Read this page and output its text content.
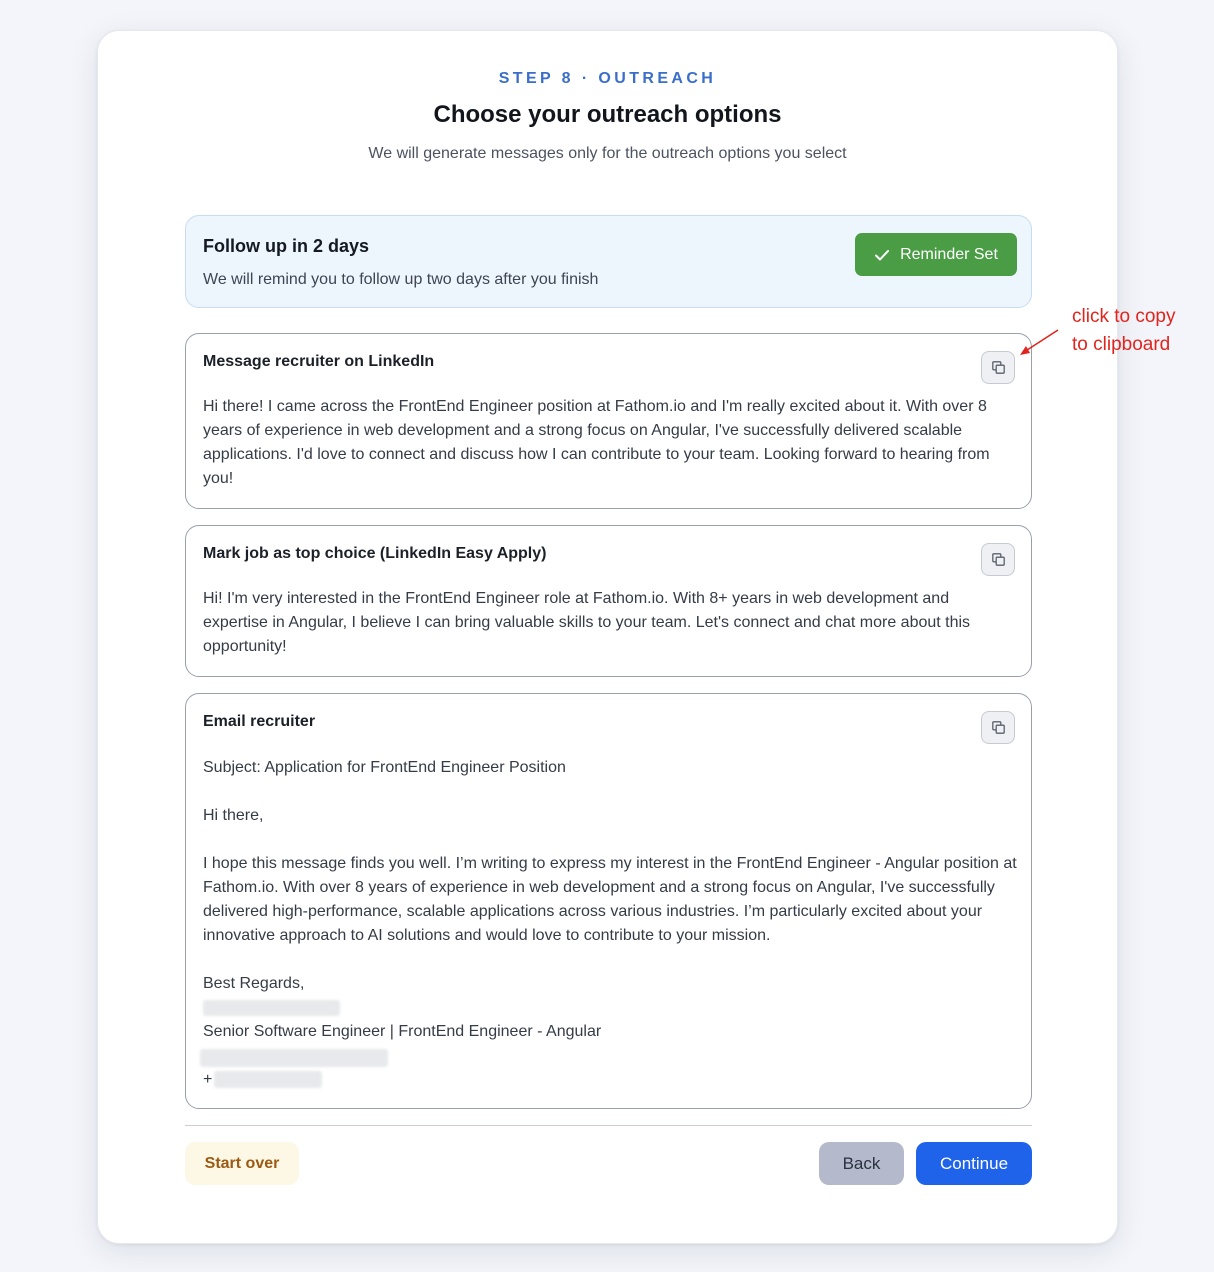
STEP 8 · OUTREACH
Choose your outreach options
We will generate messages only for the outreach options you select
Follow up in 2 days
We will remind you to follow up two days after you finish
Reminder Set
Message recruiter on LinkedIn
Hi there! I came across the FrontEnd Engineer position at Fathom.io and I'm really excited about it. With over 8 years of experience in web development and a strong focus on Angular, I've successfully delivered scalable applications. I'd love to connect and discuss how I can contribute to your team. Looking forward to hearing from you!
Mark job as top choice (LinkedIn Easy Apply)
Hi! I'm very interested in the FrontEnd Engineer role at Fathom.io. With 8+ years in web development and expertise in Angular, I believe I can bring valuable skills to your team. Let's connect and chat more about this opportunity!
Email recruiter
Subject: Application for FrontEnd Engineer Position
Hi there,
I hope this message finds you well. I’m writing to express my interest in the FrontEnd Engineer - Angular position at Fathom.io. With over 8 years of experience in web development and a strong focus on Angular, I've successfully delivered high-performance, scalable applications across various industries. I’m particularly excited about your innovative approach to AI solutions and would love to contribute to your mission.
Best Regards,
Senior Software Engineer | FrontEnd Engineer - Angular
+
Start over	Back	Continue
click to copy
to clipboard
